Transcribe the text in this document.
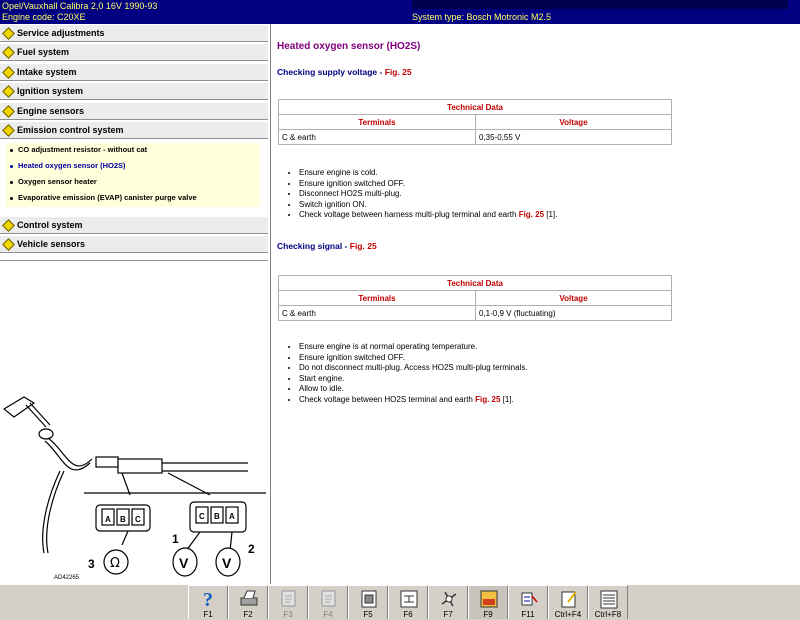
Opel/Vauxhall Calibra 2,0 16V 1990-93
Engine code: C20XE	System type: Bosch Motronic M2.5
Service adjustments
Fuel system
Intake system
Ignition system
Engine sensors
Emission control system
CO adjustment resistor - without cat
Heated oxygen sensor (HO2S)
Oxygen sensor heater
Evaporative emission (EVAP) canister purge valve
Control system
Vehicle sensors
5
A B C	C B A
Ω	V V
1
2
3
AD42265
Heated oxygen sensor (HO2S)
Checking supply voltage - Fig. 25
Technical Data	
Terminals	Voltage
C & earth	0,35-0,55 V
• Ensure engine is cold.
• Ensure ignition switched OFF.
• Disconnect HO2S multi-plug.
• Switch ignition ON.
• Check voltage between harness multi-plug terminal and earth Fig. 25 [1].
Checking signal - Fig. 25
Technical Data	
Terminals	Voltage
C & earth	0,1-0,9 V (fluctuating)
• Ensure engine is at normal operating temperature.
• Ensure ignition switched OFF.
• Do not disconnect multi-plug. Access HO2S multi-plug terminals.
• Start engine.
• Allow to idle.
• Check voltage between HO2S terminal and earth Fig. 25 [1].
?
F1	F2	F3	F4	F5	F6	F7	F9	F11	Ctrl+F4	Ctrl+F8
